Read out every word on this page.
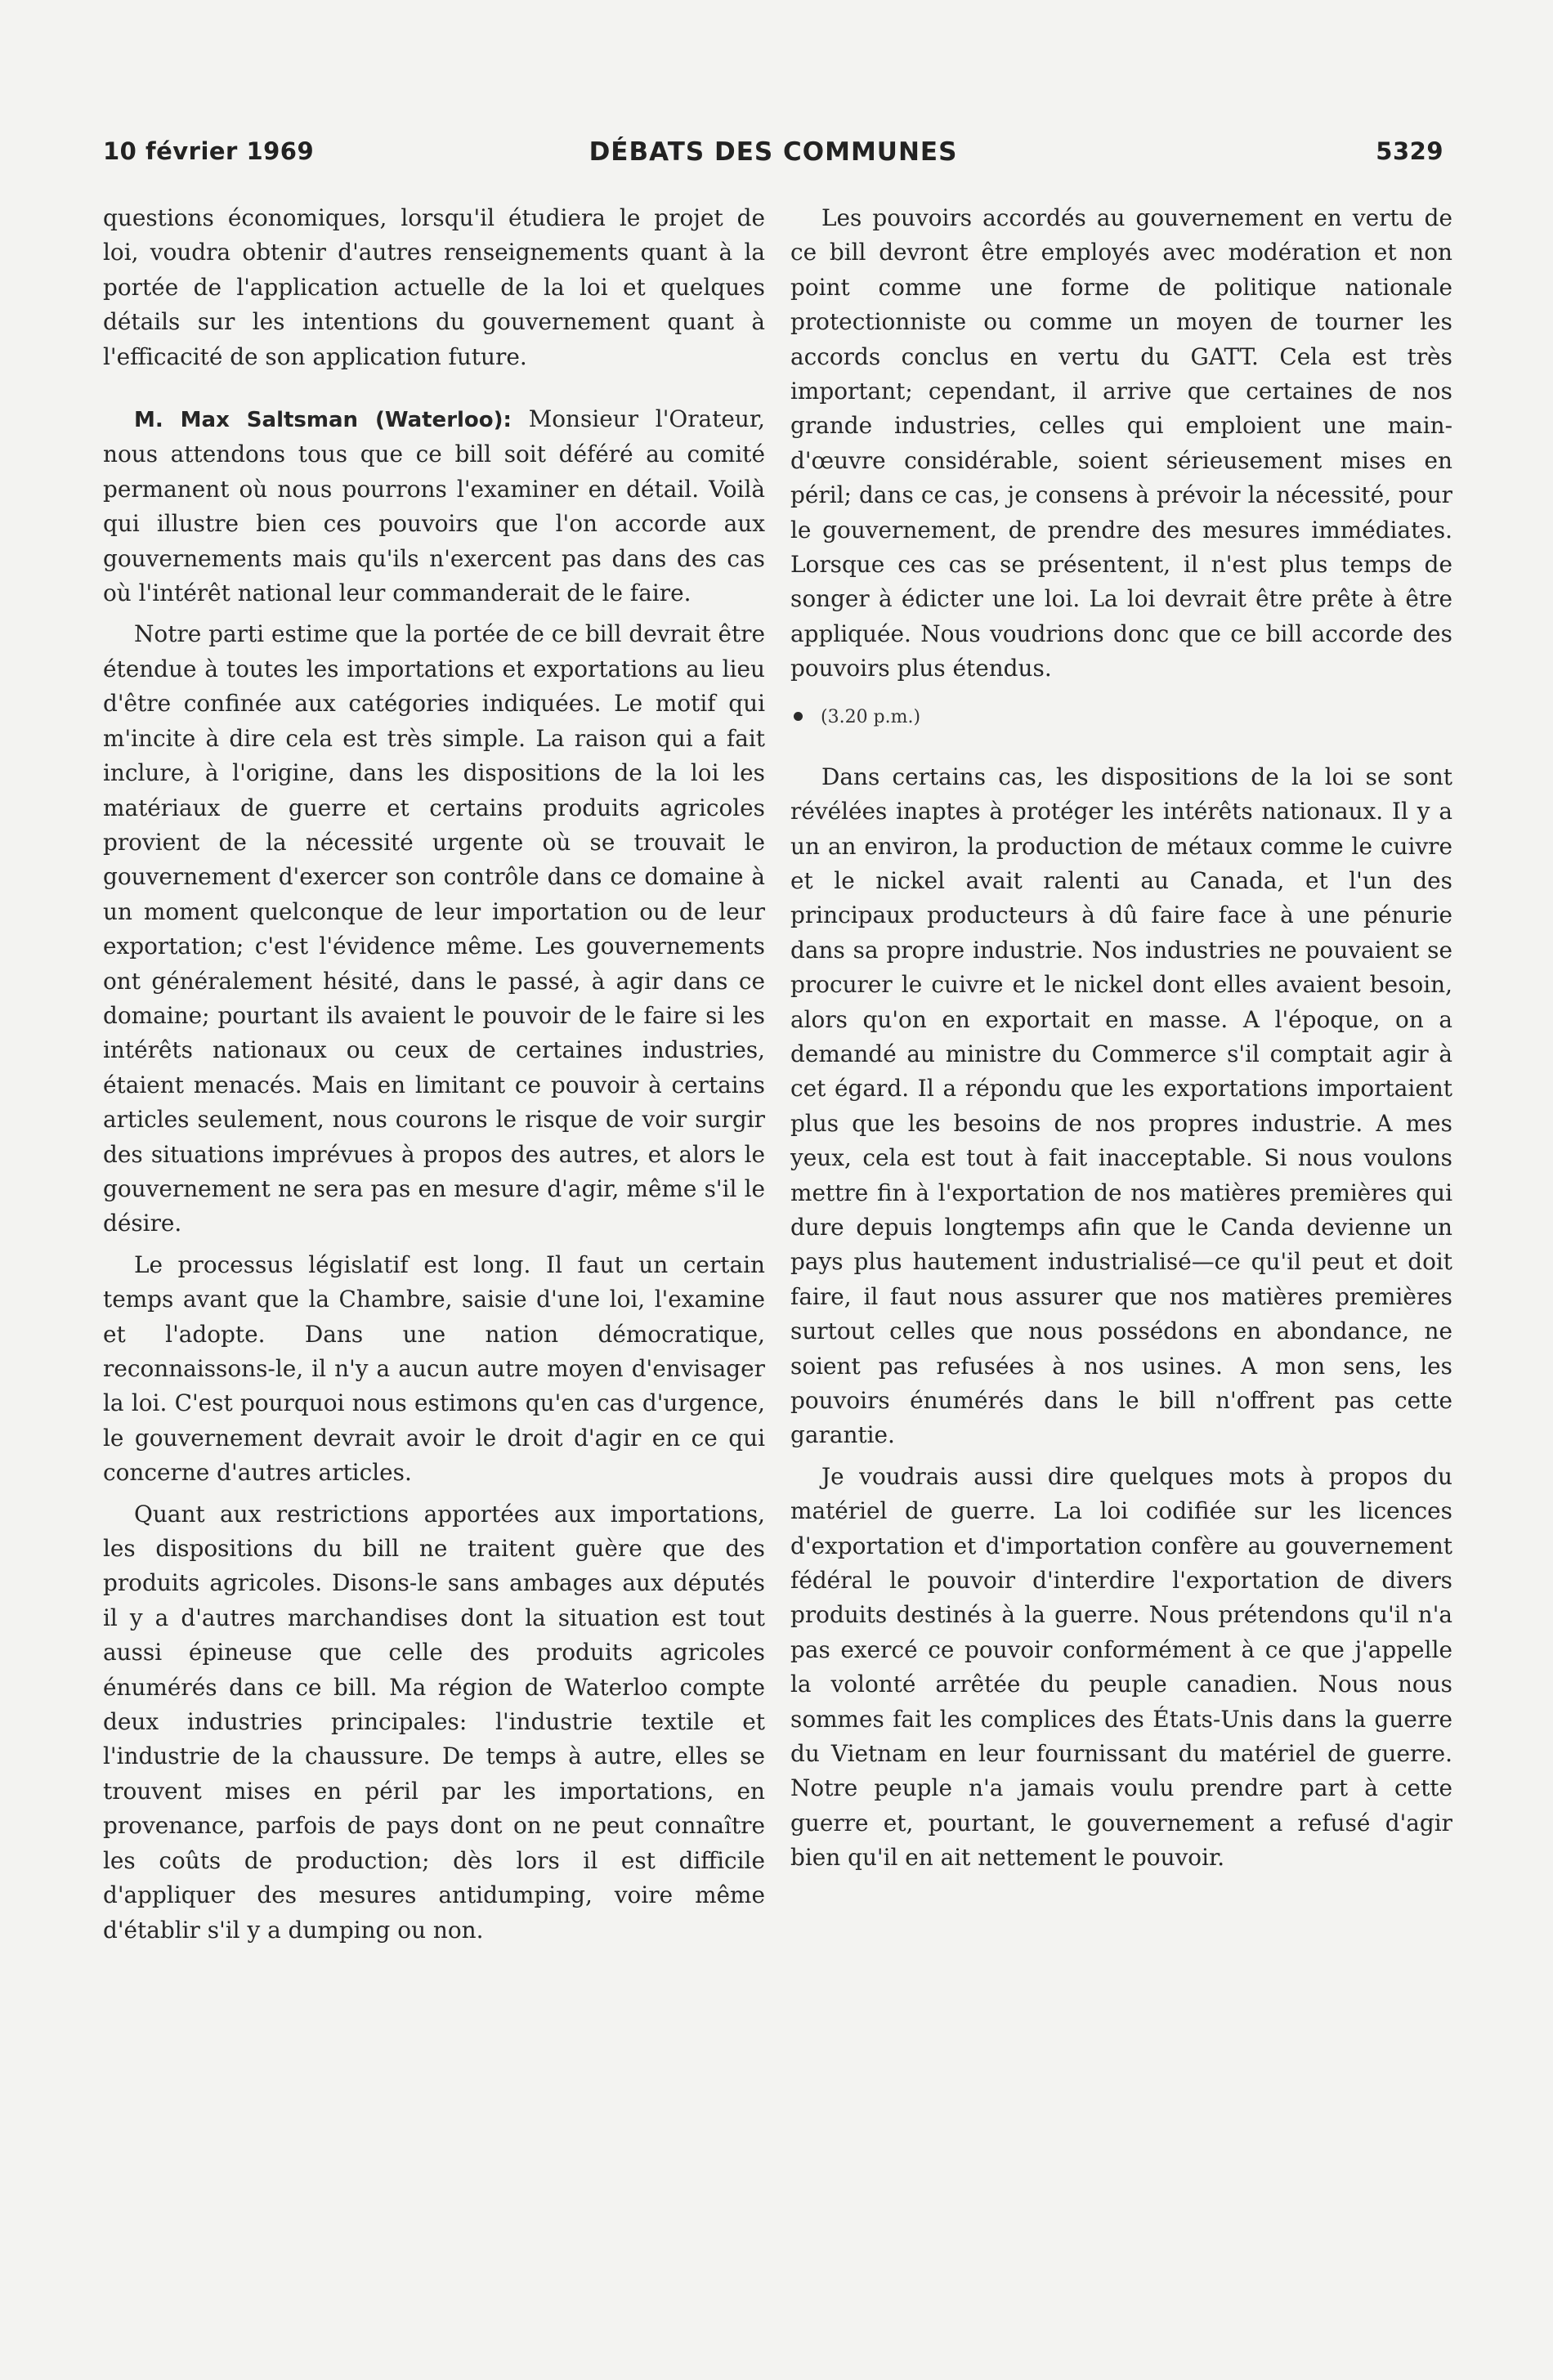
10 février 1969	DÉBATS DES COMMUNES	5329

questions économiques, lorsqu'il étudiera le projet de loi, voudra obtenir d'autres renseignements quant à la portée de l'application actuelle de la loi et quelques détails sur les intentions du gouvernement quant à l'efficacité de son application future.

M. Max Saltsman (Waterloo): Monsieur l'Orateur, nous attendons tous que ce bill soit déféré au comité permanent où nous pourrons l'examiner en détail. Voilà qui illustre bien ces pouvoirs que l'on accorde aux gouvernements mais qu'ils n'exercent pas dans des cas où l'intérêt national leur commanderait de le faire.

Notre parti estime que la portée de ce bill devrait être étendue à toutes les importations et exportations au lieu d'être confinée aux catégories indiquées. Le motif qui m'incite à dire cela est très simple. La raison qui a fait inclure, à l'origine, dans les dispositions de la loi les matériaux de guerre et certains produits agricoles provient de la nécessité urgente où se trouvait le gouvernement d'exercer son contrôle dans ce domaine à un moment quelconque de leur importation ou de leur exportation; c'est l'évidence même. Les gouvernements ont généralement hésité, dans le passé, à agir dans ce domaine; pourtant ils avaient le pouvoir de le faire si les intérêts nationaux ou ceux de certaines industries, étaient menacés. Mais en limitant ce pouvoir à certains articles seulement, nous courons le risque de voir surgir des situations imprévues à propos des autres, et alors le gouvernement ne sera pas en mesure d'agir, même s'il le désire.

Le processus législatif est long. Il faut un certain temps avant que la Chambre, saisie d'une loi, l'examine et l'adopte. Dans une nation démocratique, reconnaissons-le, il n'y a aucun autre moyen d'envisager la loi. C'est pourquoi nous estimons qu'en cas d'urgence, le gouvernement devrait avoir le droit d'agir en ce qui concerne d'autres articles.

Quant aux restrictions apportées aux importations, les dispositions du bill ne traitent guère que des produits agricoles. Disons-le sans ambages aux députés il y a d'autres marchandises dont la situation est tout aussi épineuse que celle des produits agricoles énumérés dans ce bill. Ma région de Waterloo compte deux industries principales: l'industrie textile et l'industrie de la chaussure. De temps à autre, elles se trouvent mises en péril par les importations, en provenance, parfois de pays dont on ne peut connaître les coûts de production; dès lors il est difficile d'appliquer des mesures antidumping, voire même d'établir s'il y a dumping ou non.

Les pouvoirs accordés au gouvernement en vertu de ce bill devront être employés avec modération et non point comme une forme de politique nationale protectionniste ou comme un moyen de tourner les accords conclus en vertu du GATT. Cela est très important; cependant, il arrive que certaines de nos grande industries, celles qui emploient une main-d'œuvre considérable, soient sérieusement mises en péril; dans ce cas, je consens à prévoir la nécessité, pour le gouvernement, de prendre des mesures immédiates. Lorsque ces cas se présentent, il n'est plus temps de songer à édicter une loi. La loi devrait être prête à être appliquée. Nous voudrions donc que ce bill accorde des pouvoirs plus étendus.

(3.20 p.m.)

Dans certains cas, les dispositions de la loi se sont révélées inaptes à protéger les intérêts nationaux. Il y a un an environ, la production de métaux comme le cuivre et le nickel avait ralenti au Canada, et l'un des principaux producteurs à dû faire face à une pénurie dans sa propre industrie. Nos industries ne pouvaient se procurer le cuivre et le nickel dont elles avaient besoin, alors qu'on en exportait en masse. A l'époque, on a demandé au ministre du Commerce s'il comptait agir à cet égard. Il a répondu que les exportations importaient plus que les besoins de nos propres industrie. A mes yeux, cela est tout à fait inacceptable. Si nous voulons mettre fin à l'exportation de nos matières premières qui dure depuis longtemps afin que le Canda devienne un pays plus hautement industrialisé—ce qu'il peut et doit faire, il faut nous assurer que nos matières premières surtout celles que nous possédons en abondance, ne soient pas refusées à nos usines. A mon sens, les pouvoirs énumérés dans le bill n'offrent pas cette garantie.

Je voudrais aussi dire quelques mots à propos du matériel de guerre. La loi codifiée sur les licences d'exportation et d'importation confère au gouvernement fédéral le pouvoir d'interdire l'exportation de divers produits destinés à la guerre. Nous prétendons qu'il n'a pas exercé ce pouvoir conformément à ce que j'appelle la volonté arrêtée du peuple canadien. Nous nous sommes fait les complices des États-Unis dans la guerre du Vietnam en leur fournissant du matériel de guerre. Notre peuple n'a jamais voulu prendre part à cette guerre et, pourtant, le gouvernement a refusé d'agir bien qu'il en ait nettement le pouvoir.
